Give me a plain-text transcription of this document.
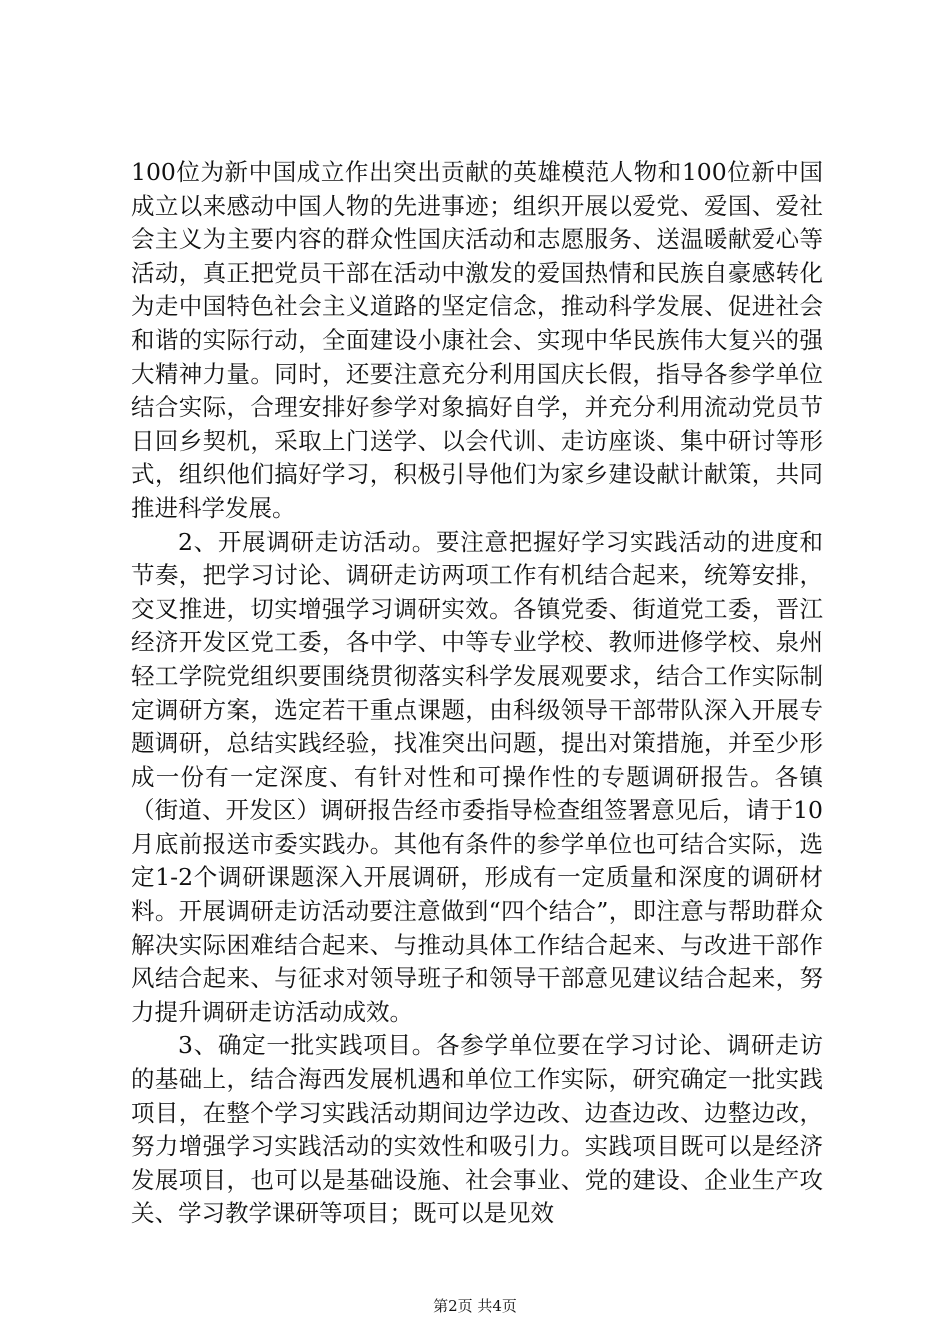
100位为新中国成立作出突出贡献的英雄模范人物和100位新中国成立以来感动中国人物的先进事迹；组织开展以爱党、爱国、爱社会主义为主要内容的群众性国庆活动和志愿服务、送温暖献爱心等活动，真正把党员干部在活动中激发的爱国热情和民族自豪感转化为走中国特色社会主义道路的坚定信念，推动科学发展、促进社会和谐的实际行动，全面建设小康社会、实现中华民族伟大复兴的强大精神力量。同时，还要注意充分利用国庆长假，指导各参学单位结合实际，合理安排好参学对象搞好自学，并充分利用流动党员节日回乡契机，采取上门送学、以会代训、走访座谈、集中研讨等形式，组织他们搞好学习，积极引导他们为家乡建设献计献策，共同推进科学发展。

2、开展调研走访活动。要注意把握好学习实践活动的进度和节奏，把学习讨论、调研走访两项工作有机结合起来，统筹安排，交叉推进，切实增强学习调研实效。各镇党委、街道党工委，晋江经济开发区党工委，各中学、中等专业学校、教师进修学校、泉州轻工学院党组织要围绕贯彻落实科学发展观要求，结合工作实际制定调研方案，选定若干重点课题，由科级领导干部带队深入开展专题调研，总结实践经验，找准突出问题，提出对策措施，并至少形成一份有一定深度、有针对性和可操作性的专题调研报告。各镇（街道、开发区）调研报告经市委指导检查组签署意见后，请于10月底前报送市委实践办。其他有条件的参学单位也可结合实际，选定1-2个调研课题深入开展调研，形成有一定质量和深度的调研材料。开展调研走访活动要注意做到“四个结合”，即注意与帮助群众解决实际困难结合起来、与推动具体工作结合起来、与改进干部作风结合起来、与征求对领导班子和领导干部意见建议结合起来，努力提升调研走访活动成效。

3、确定一批实践项目。各参学单位要在学习讨论、调研走访的基础上，结合海西发展机遇和单位工作实际，研究确定一批实践项目，在整个学习实践活动期间边学边改、边查边改、边整边改，努力增强学习实践活动的实效性和吸引力。实践项目既可以是经济发展项目，也可以是基础设施、社会事业、党的建设、企业生产攻关、学习教学课研等项目；既可以是见效

第2页 共4页
